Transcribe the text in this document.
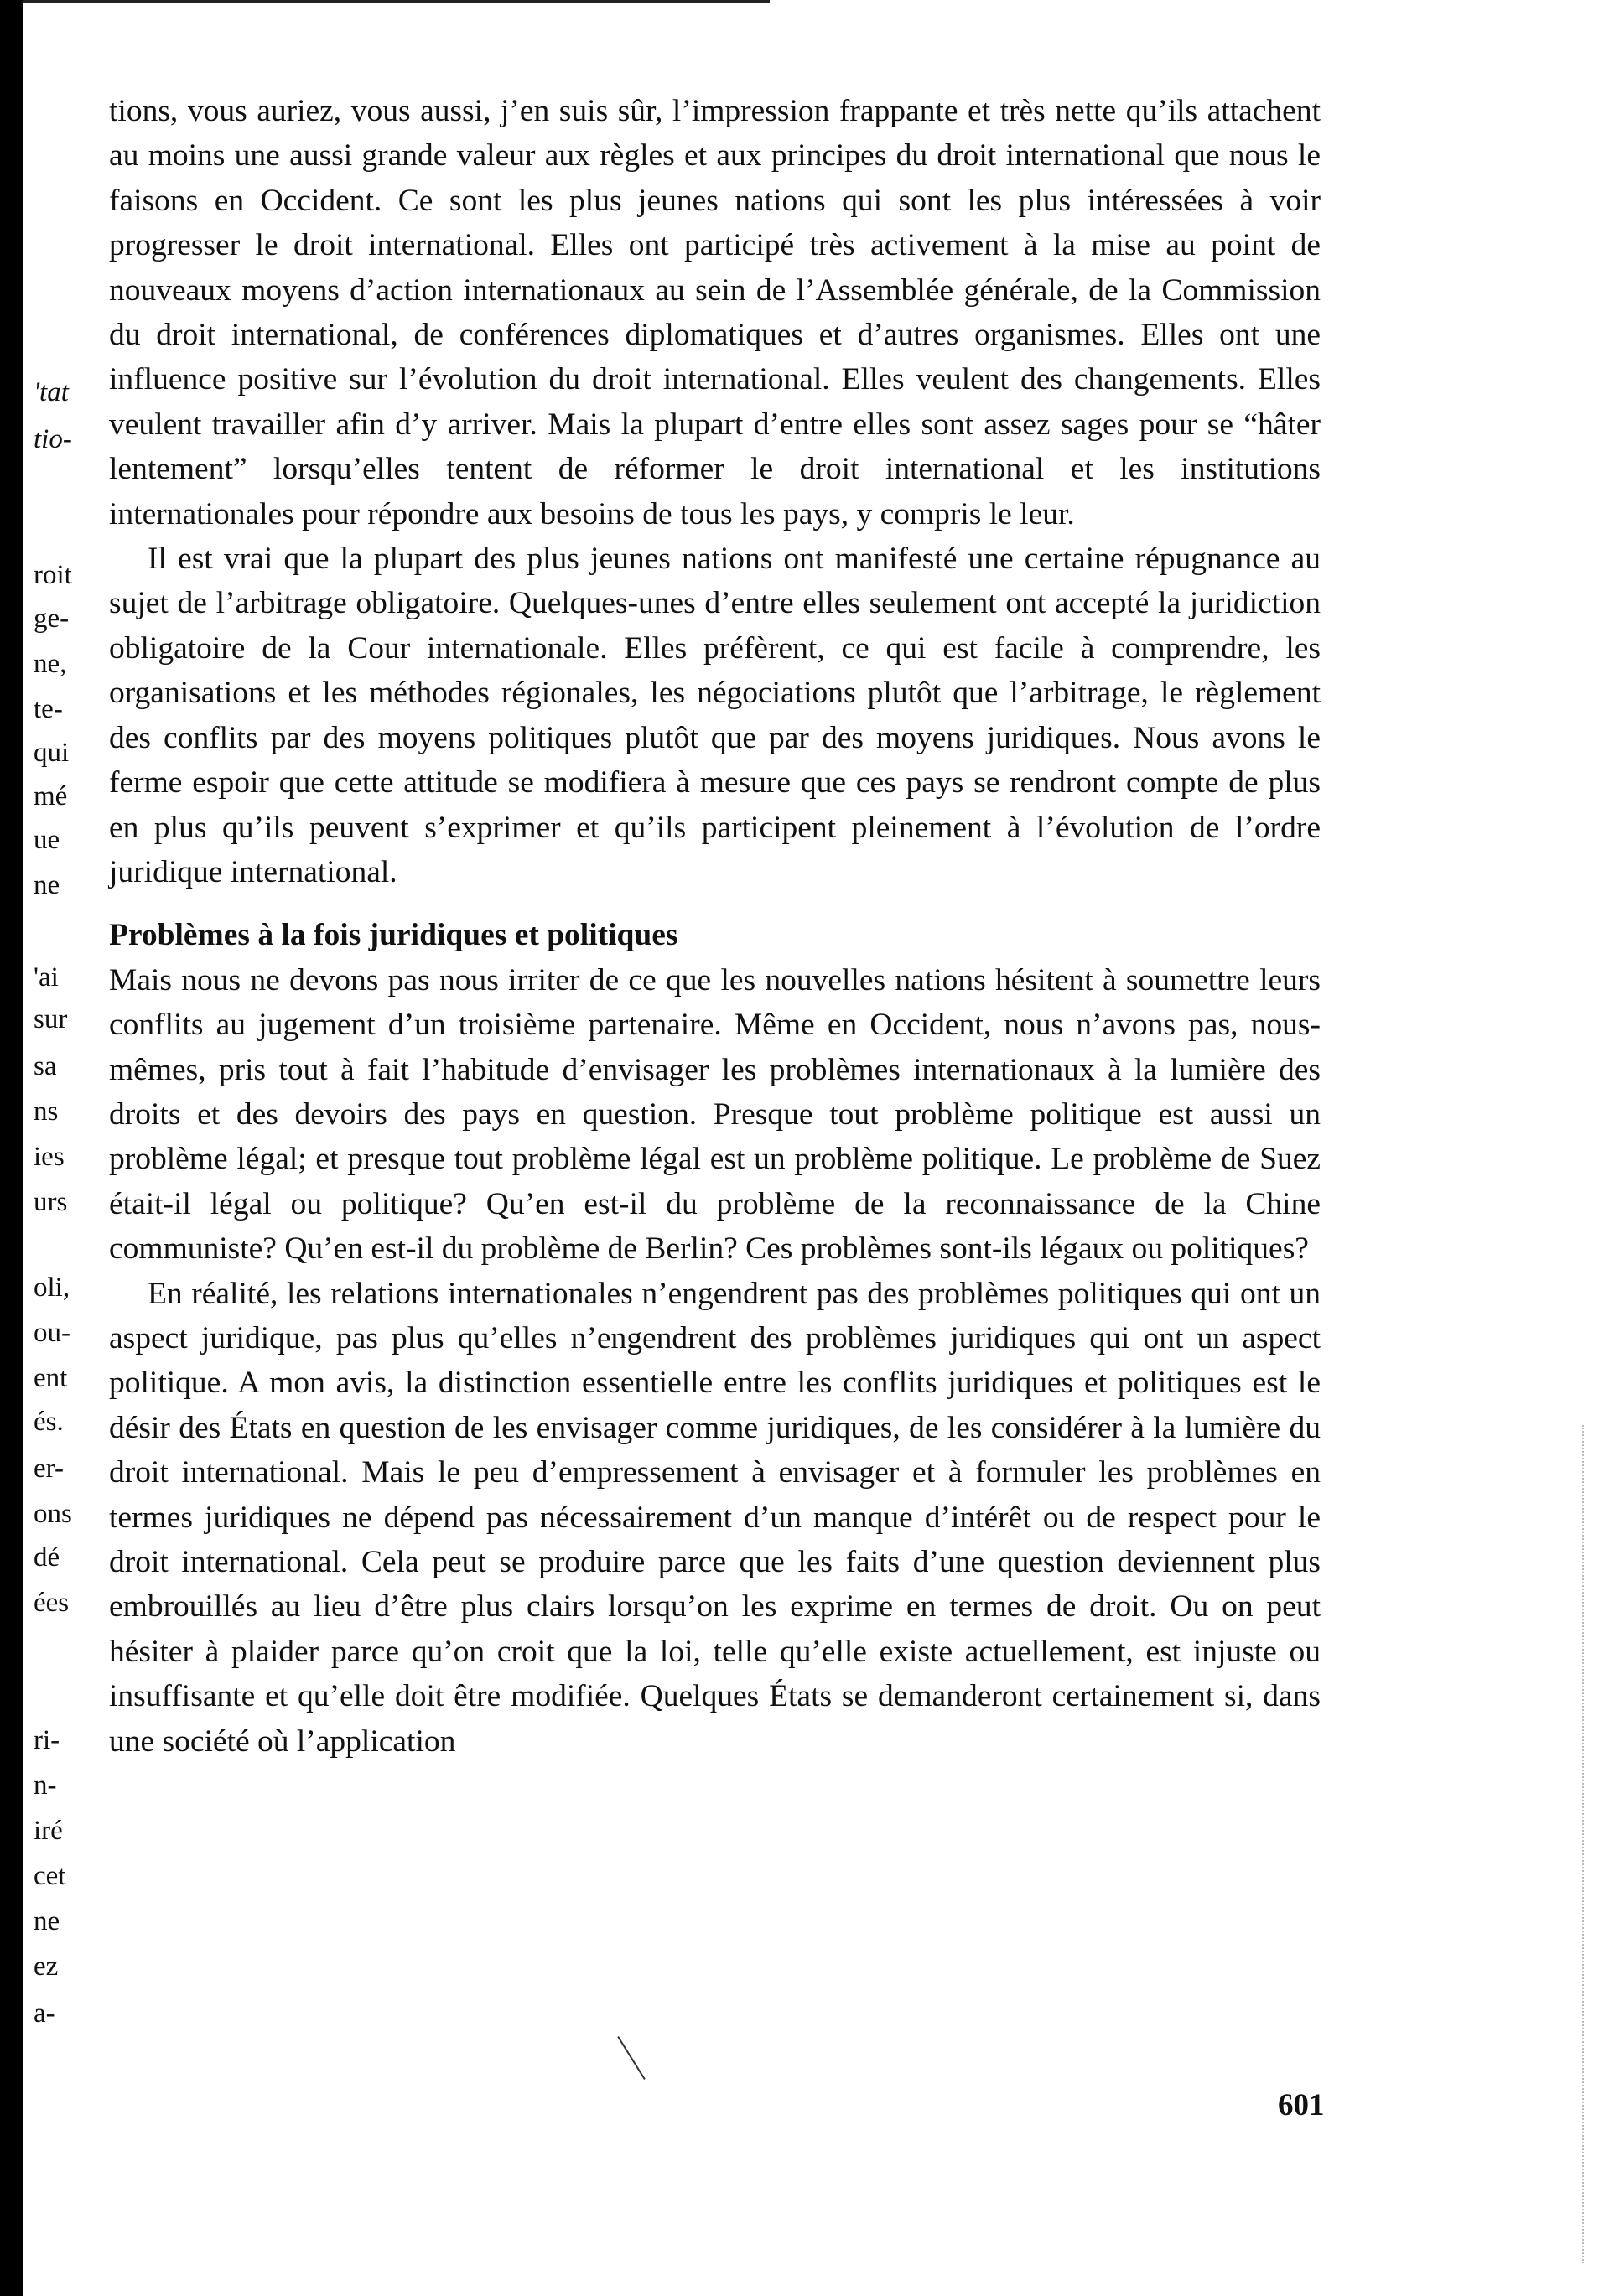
'tat
tio-
roit
ge-
ne,
te-
qui
mé
ue
ne
'ai
sur
sa
ns
ies
urs
oli,
ou-
ent
és.
er-
ons
dé
ées
ri-
n-
iré
cet
ne
ez
a-

tions, vous auriez, vous aussi, j’en suis sûr, l’impression frappante et très nette qu’ils attachent au moins une aussi grande valeur aux règles et aux principes du droit international que nous le faisons en Occident. Ce sont les plus jeunes nations qui sont les plus intéressées à voir progresser le droit international. Elles ont participé très activement à la mise au point de nouveaux moyens d’action internationaux au sein de l’Assemblée générale, de la Commission du droit international, de conférences diplomatiques et d’autres organismes. Elles ont une influence positive sur l’évolution du droit international. Elles veulent des changements. Elles veulent travailler afin d’y arriver. Mais la plupart d’entre elles sont assez sages pour se “hâter lentement” lorsqu’elles tentent de réformer le droit international et les institutions internationales pour répondre aux besoins de tous les pays, y compris le leur.

Il est vrai que la plupart des plus jeunes nations ont manifesté une certaine répugnance au sujet de l’arbitrage obligatoire. Quelques-unes d’entre elles seulement ont accepté la juridiction obligatoire de la Cour internationale. Elles préfèrent, ce qui est facile à comprendre, les organisations et les méthodes régionales, les négociations plutôt que l’arbitrage, le règlement des conflits par des moyens politiques plutôt que par des moyens juridiques. Nous avons le ferme espoir que cette attitude se modifiera à mesure que ces pays se rendront compte de plus en plus qu’ils peuvent s’exprimer et qu’ils participent pleinement à l’évolution de l’ordre juridique international.

Problèmes à la fois juridiques et politiques

Mais nous ne devons pas nous irriter de ce que les nouvelles nations hésitent à soumettre leurs conflits au jugement d’un troisième partenaire. Même en Occident, nous n’avons pas, nous-mêmes, pris tout à fait l’habitude d’envisager les problèmes internationaux à la lumière des droits et des devoirs des pays en question. Presque tout problème politique est aussi un problème légal; et presque tout problème légal est un problème politique. Le problème de Suez était-il légal ou politique? Qu’en est-il du problème de la reconnaissance de la Chine communiste? Qu’en est-il du problème de Berlin? Ces problèmes sont-ils légaux ou politiques?

En réalité, les relations internationales n’engendrent pas des problèmes politiques qui ont un aspect juridique, pas plus qu’elles n’engendrent des problèmes juridiques qui ont un aspect politique. A mon avis, la distinction essentielle entre les conflits juridiques et politiques est le désir des États en question de les envisager comme juridiques, de les considérer à la lumière du droit international. Mais le peu d’empressement à envisager et à formuler les problèmes en termes juridiques ne dépend pas nécessairement d’un manque d’intérêt ou de respect pour le droit international. Cela peut se produire parce que les faits d’une question deviennent plus embrouillés au lieu d’être plus clairs lorsqu’on les exprime en termes de droit. Ou on peut hésiter à plaider parce qu’on croit que la loi, telle qu’elle existe actuellement, est injuste ou insuffisante et qu’elle doit être modifiée. Quelques États se demanderont certainement si, dans une société où l’application

601
